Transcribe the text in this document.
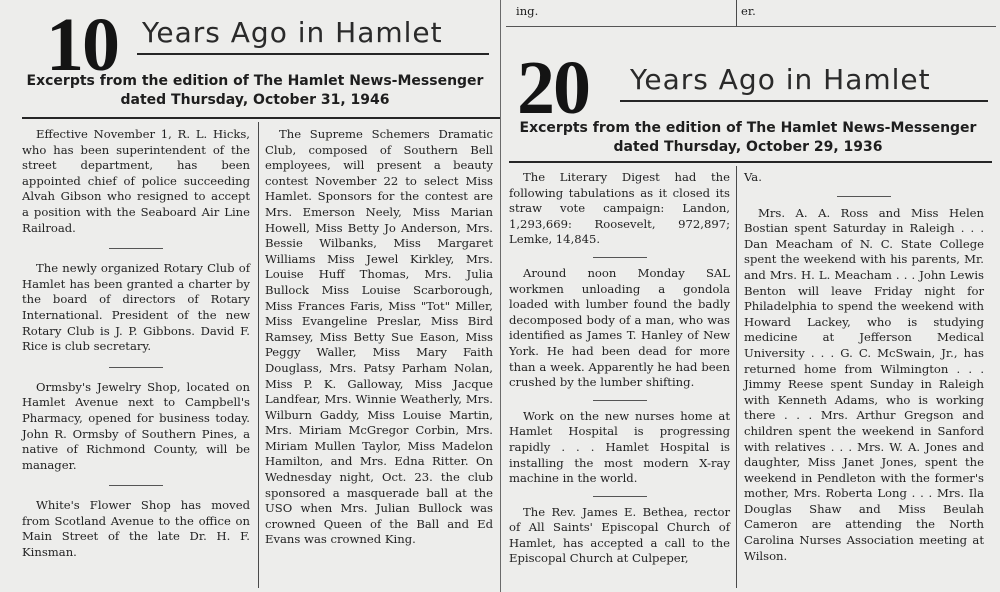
ing.	er.
10 Years Ago in Hamlet
Excerpts from the edition of The Hamlet News-Messenger
dated Thursday, October 31, 1946	20 Years Ago in Hamlet
Excerpts from the edition of The Hamlet News-Messenger
dated Thursday, October 29, 1936

Effective November 1, R. L. Hicks, who has been superintendent of the street department, has been appointed chief of police succeeding Alvah Gibson who resigned to accept a position with the Seaboard Air Line Railroad.

The newly organized Rotary Club of Hamlet has been granted a charter by the board of directors of Rotary International. President of the new Rotary Club is J. P. Gibbons. David F. Rice is club secretary.

Ormsby's Jewelry Shop, located on Hamlet Avenue next to Campbell's Pharmacy, opened for business today. John R. Ormsby of Southern Pines, a native of Richmond County, will be manager.

White's Flower Shop has moved from Scotland Avenue to the office on Main Street of the late Dr. H. F. Kinsman.

The Supreme Schemers Dramatic Club, composed of Southern Bell employees, will present a beauty contest November 22 to select Miss Hamlet. Sponsors for the contest are Mrs. Emerson Neely, Miss Marian Howell, Miss Betty Jo Anderson, Mrs. Bessie Wilbanks, Miss Margaret Williams Miss Jewel Kirkley, Mrs. Louise Huff Thomas, Mrs. Julia Bullock Miss Louise Scarborough, Miss Frances Faris, Miss "Tot" Miller, Miss Evangeline Preslar, Miss Bird Ramsey, Miss Betty Sue Eason, Miss Peggy Waller, Miss Mary Faith Douglass, Mrs. Patsy Parham Nolan, Miss P. K. Galloway, Miss Jacque Landfear, Mrs. Winnie Weatherly, Mrs. Wilburn Gaddy, Miss Louise Martin, Mrs. Miriam McGregor Corbin, Mrs. Miriam Mullen Taylor, Miss Madelon Hamilton, and Mrs. Edna Ritter. On Wednesday night, Oct. 23. the club sponsored a masquerade ball at the USO when Mrs. Julian Bullock was crowned Queen of the Ball and Ed Evans was crowned King.

The Literary Digest had the following tabulations as it closed its straw vote campaign: Landon, 1,293,669: Roosevelt, 972,897; Lemke, 14,845.

Around noon Monday SAL workmen unloading a gondola loaded with lumber found the badly decomposed body of a man, who was identified as James T. Hanley of New York. He had been dead for more than a week. Apparently he had been crushed by the lumber shifting.

Work on the new nurses home at Hamlet Hospital is progressing rapidly . . . Hamlet Hospital is installing the most modern X-ray machine in the world.

The Rev. James E. Bethea, rector of All Saints' Episcopal Church of Hamlet, has accepted a call to the Episcopal Church at Culpeper,

Va.

Mrs. A. A. Ross and Miss Helen Bostian spent Saturday in Raleigh . . . Dan Meacham of N. C. State College spent the weekend with his parents, Mr. and Mrs. H. L. Meacham . . . John Lewis Benton will leave Friday night for Philadelphia to spend the weekend with Howard Lackey, who is studying medicine at Jefferson Medical University . . . G. C. McSwain, Jr., has returned home from Wilmington . . . Jimmy Reese spent Sunday in Raleigh with Kenneth Adams, who is working there . . . Mrs. Arthur Gregson and children spent the weekend in Sanford with relatives . . . Mrs. W. A. Jones and daughter, Miss Janet Jones, spent the weekend in Pendleton with the former's mother, Mrs. Roberta Long . . . Mrs. Ila Douglas Shaw and Miss Beulah Cameron are attending the North Carolina Nurses Association meeting at Wilson.
